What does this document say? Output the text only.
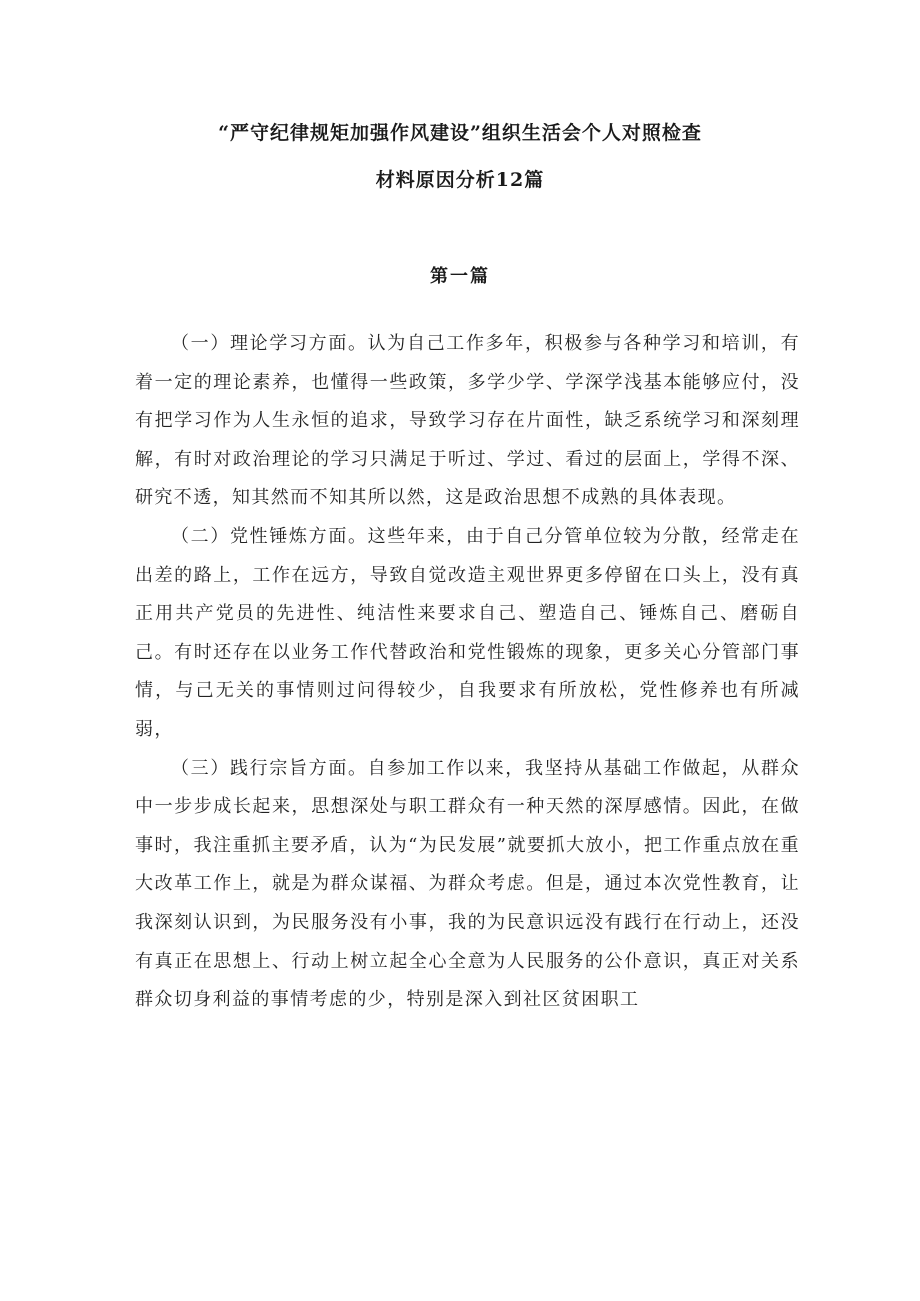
“严守纪律规矩加强作风建设”组织生活会个人对照检查
材料原因分析12篇
第一篇

（一）理论学习方面。认为自己工作多年，积极参与各种学习和培训，有着一定的理论素养，也懂得一些政策，多学少学、学深学浅基本能够应付，没有把学习作为人生永恒的追求，导致学习存在片面性，缺乏系统学习和深刻理解，有时对政治理论的学习只满足于听过、学过、看过的层面上，学得不深、研究不透，知其然而不知其所以然，这是政治思想不成熟的具体表现。

（二）党性锤炼方面。这些年来，由于自己分管单位较为分散，经常走在出差的路上，工作在远方，导致自觉改造主观世界更多停留在口头上，没有真正用共产党员的先进性、纯洁性来要求自己、塑造自己、锤炼自己、磨砺自己。有时还存在以业务工作代替政治和党性锻炼的现象，更多关心分管部门事情，与己无关的事情则过问得较少，自我要求有所放松，党性修养也有所减弱，

（三）践行宗旨方面。自参加工作以来，我坚持从基础工作做起，从群众中一步步成长起来，思想深处与职工群众有一种天然的深厚感情。因此，在做事时，我注重抓主要矛盾，认为“为民发展”就要抓大放小，把工作重点放在重大改革工作上，就是为群众谋福、为群众考虑。但是，通过本次党性教育，让我深刻认识到，为民服务没有小事，我的为民意识远没有践行在行动上，还没有真正在思想上、行动上树立起全心全意为人民服务的公仆意识，真正对关系群众切身利益的事情考虑的少，特别是深入到社区贫困职工
